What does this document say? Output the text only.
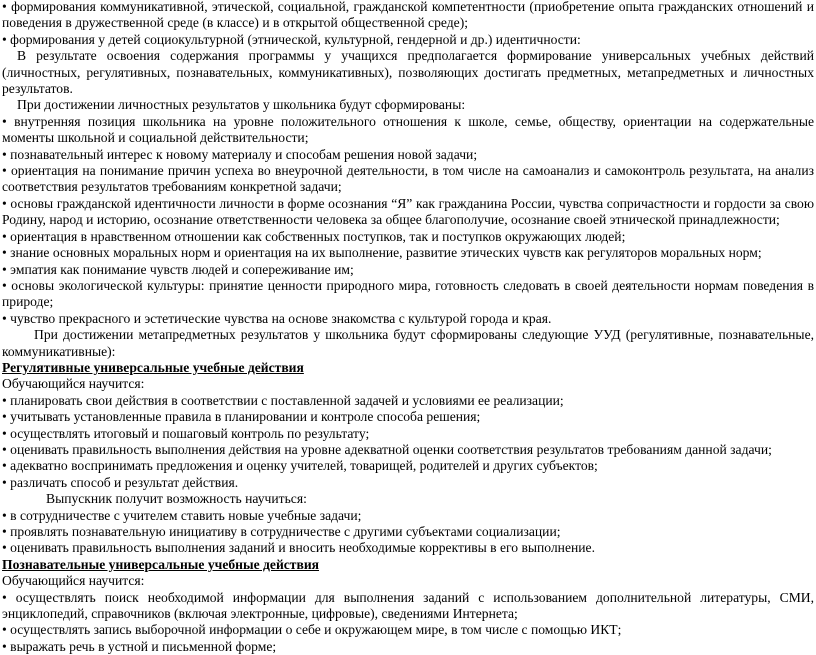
• формирования коммуникативной, этической, социальной, гражданской компетентности (приобретение опыта гражданских отношений и поведения в дружественной среде (в классе) и в открытой общественной среде);

• формирования у детей социокультурной (этнической, культурной, гендерной и др.) идентичности:

В результате освоения содержания программы у учащихся предполагается формирование универсальных учебных действий (личностных, регулятивных, познавательных, коммуникативных), позволяющих достигать предметных, метапредметных и личностных результатов.

При достижении личностных результатов у школьника будут сформированы:

• внутренняя позиция школьника на уровне положительного отношения к школе, семье, обществу, ориентации на содержательные моменты школьной и социальной действительности;

• познавательный интерес к новому материалу и способам решения новой задачи;

• ориентация на понимание причин успеха во внеурочной деятельности, в том числе на самоанализ и самоконтроль результата, на анализ соответствия результатов требованиям конкретной задачи;

• основы гражданской идентичности личности в форме осознания “Я” как гражданина России, чувства сопричастности и гордости за свою Родину, народ и историю, осознание ответственности человека за общее благополучие, осознание своей этнической принадлежности;

• ориентация в нравственном отношении как собственных поступков, так и поступков окружающих людей;

• знание основных моральных норм и ориентация на их выполнение, развитие этических чувств как регуляторов моральных норм;

• эмпатия как понимание чувств людей и сопереживание им;

• основы экологической культуры: принятие ценности природного мира, готовность следовать в своей деятельности нормам поведения в природе;

• чувство прекрасного и эстетические чувства на основе знакомства с культурой города и края.

При достижении метапредметных результатов у школьника будут сформированы следующие УУД (регулятивные, познавательные, коммуникативные):

Регулятивные универсальные учебные действия

Обучающийся научится:

• планировать свои действия в соответствии с поставленной задачей и условиями ее реализации;

• учитывать установленные правила в планировании и контроле способа решения;

• осуществлять итоговый и пошаговый контроль по результату;

• оценивать правильность выполнения действия на уровне адекватной оценки соответствия результатов требованиям данной задачи;

• адекватно воспринимать предложения и оценку учителей, товарищей, родителей и других субъектов;

• различать способ и результат действия.

Выпускник получит возможность научиться:

• в сотрудничестве с учителем ставить новые учебные задачи;

• проявлять познавательную инициативу в сотрудничестве с другими субъектами социализации;

• оценивать правильность выполнения заданий и вносить необходимые коррективы в его выполнение.

Познавательные универсальные учебные действия

Обучающийся научится:

• осуществлять поиск необходимой информации для выполнения заданий с использованием дополнительной литературы, СМИ, энциклопедий, справочников (включая электронные, цифровые), сведениями Интернета;

• осуществлять запись выборочной информации о себе и окружающем мире, в том числе с помощью ИКТ;

• выражать речь в устной и письменной форме;
